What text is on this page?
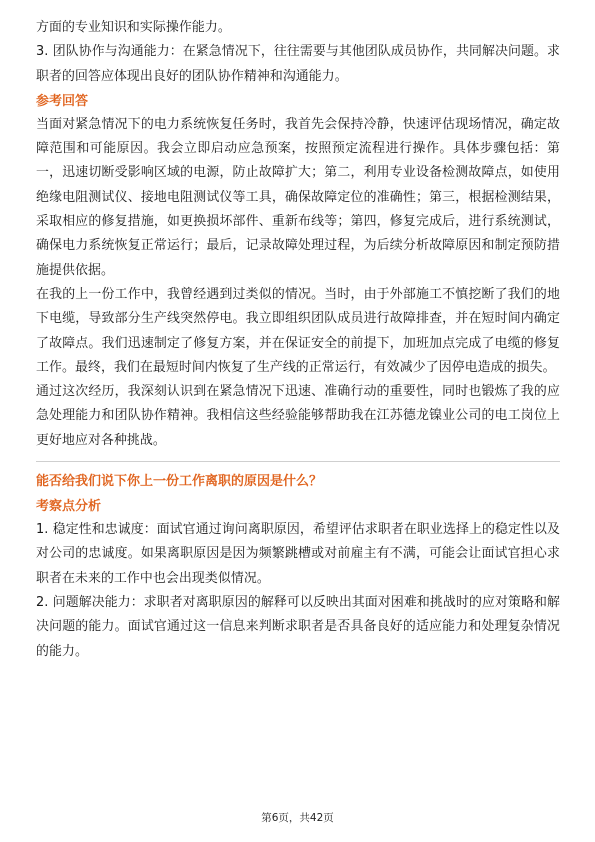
方面的专业知识和实际操作能力。

3. 团队协作与沟通能力：在紧急情况下，往往需要与其他团队成员协作，共同解决问题。求职者的回答应体现出良好的团队协作精神和沟通能力。

参考回答

当面对紧急情况下的电力系统恢复任务时，我首先会保持冷静，快速评估现场情况，确定故障范围和可能原因。我会立即启动应急预案，按照预定流程进行操作。具体步骤包括：第一，迅速切断受影响区域的电源，防止故障扩大；第二，利用专业设备检测故障点，如使用绝缘电阻测试仪、接地电阻测试仪等工具，确保故障定位的准确性；第三，根据检测结果，采取相应的修复措施，如更换损坏部件、重新布线等；第四，修复完成后，进行系统测试，确保电力系统恢复正常运行；最后，记录故障处理过程，为后续分析故障原因和制定预防措施提供依据。

在我的上一份工作中，我曾经遇到过类似的情况。当时，由于外部施工不慎挖断了我们的地下电缆，导致部分生产线突然停电。我立即组织团队成员进行故障排查，并在短时间内确定了故障点。我们迅速制定了修复方案，并在保证安全的前提下，加班加点完成了电缆的修复工作。最终，我们在最短时间内恢复了生产线的正常运行，有效减少了因停电造成的损失。

通过这次经历，我深刻认识到在紧急情况下迅速、准确行动的重要性，同时也锻炼了我的应急处理能力和团队协作精神。我相信这些经验能够帮助我在江苏德龙镍业公司的电工岗位上更好地应对各种挑战。

能否给我们说下你上一份工作离职的原因是什么？

考察点分析

1. 稳定性和忠诚度：面试官通过询问离职原因，希望评估求职者在职业选择上的稳定性以及对公司的忠诚度。如果离职原因是因为频繁跳槽或对前雇主有不满，可能会让面试官担心求职者在未来的工作中也会出现类似情况。

2. 问题解决能力：求职者对离职原因的解释可以反映出其面对困难和挑战时的应对策略和解决问题的能力。面试官通过这一信息来判断求职者是否具备良好的适应能力和处理复杂情况的能力。

第6页，共42页
